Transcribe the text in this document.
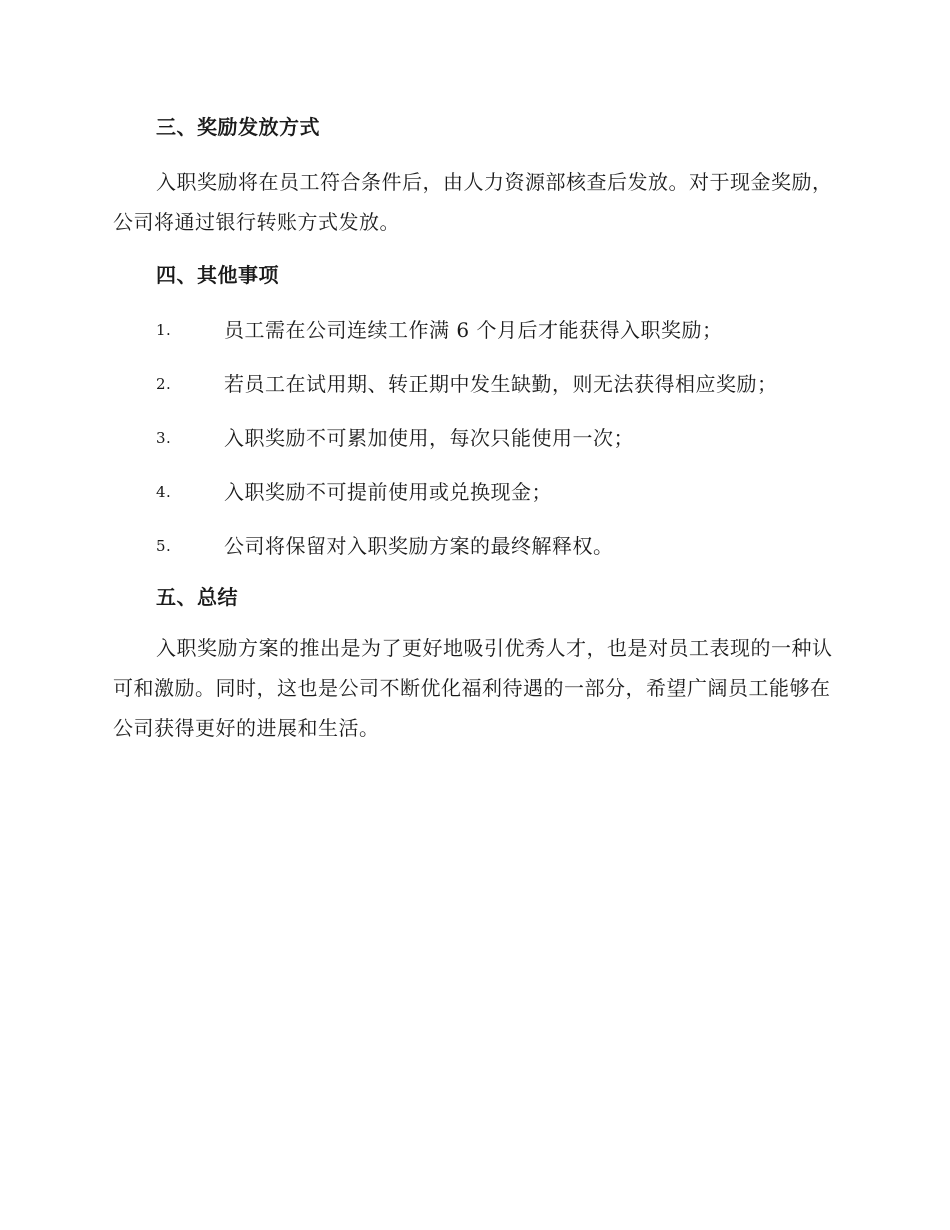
三、奖励发放方式

入职奖励将在员工符合条件后，由人力资源部核查后发放。对于现金奖励，公司将通过银行转账方式发放。

四、其他事项
1.	员工需在公司连续工作满 6 个月后才能获得入职奖励；
2.	若员工在试用期、转正期中发生缺勤，则无法获得相应奖励；
3.	入职奖励不可累加使用，每次只能使用一次；
4.	入职奖励不可提前使用或兑换现金；
5.	公司将保留对入职奖励方案的最终解释权。
五、总结

入职奖励方案的推出是为了更好地吸引优秀人才，也是对员工表现的一种认可和激励。同时，这也是公司不断优化福利待遇的一部分，希望广阔员工能够在公司获得更好的进展和生活。
